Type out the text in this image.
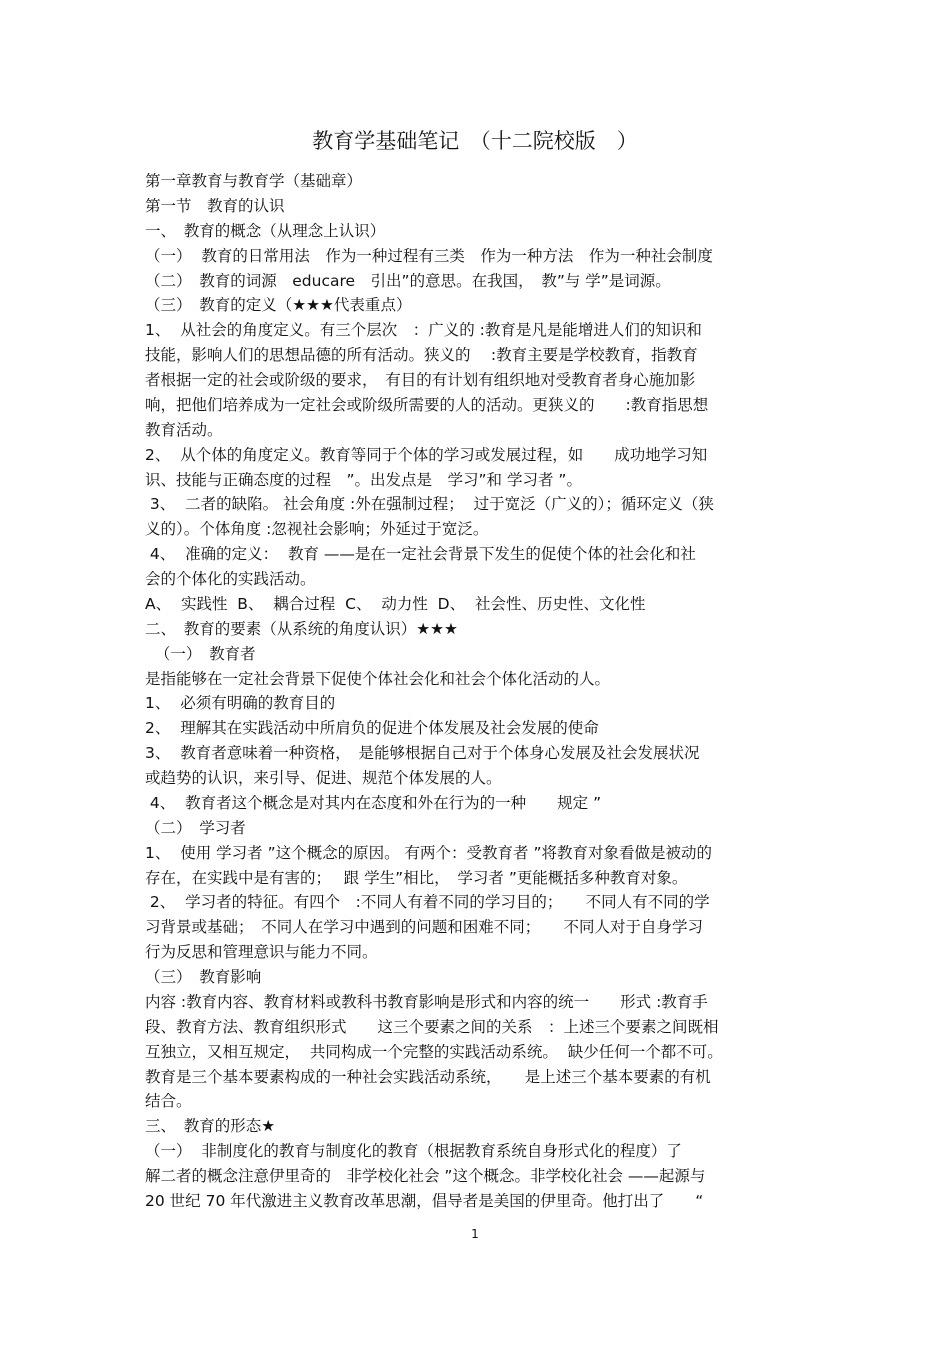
教育学基础笔记　（十二院校版　）
第一章教育与教育学（基础章）
第一节　教育的认识
一、　教育的概念（从理念上认识）
（一）  教育的日常用法　作为一种过程有三类　作为一种方法　作为一种社会制度
（二）　教育的词源　educare　引出”的意思。在我国，　教”与 学”是词源。
（三）　教育的定义（★★★代表重点）
1、  从社会的角度定义。有三个层次　：广义的 :教育是凡是能增进人们的知识和
技能，影响人们的思想品德的所有活动。狭义的　 :教育主要是学校教育，指教育
者根据一定的社会或阶级的要求，　有目的有计划有组织地对受教育者身心施加影
响，把他们培养成为一定社会或阶级所需要的人的活动。更狭义的　　:教育指思想
教育活动。
2、  从个体的角度定义。教育等同于个体的学习或发展过程，如　　成功地学习知
识、技能与正确态度的过程　”。出发点是　学习”和 学习者 ”。
3、  二者的缺陷。 社会角度 :外在强制过程；  过于宽泛（广义的）；循环定义（狭
义的）。个体角度 :忽视社会影响；外延过于宽泛。
4、  准确的定义：  教育 ——是在一定社会背景下发生的促使个体的社会化和社
会的个体化的实践活动。
A、  实践性  B、  耦合过程  C、  动力性  D、  社会性、历史性、文化性
二、　教育的要素（从系统的角度认识）★★★
（一）　教育者
是指能够在一定社会背景下促使个体社会化和社会个体化活动的人。
1、  必须有明确的教育目的
2、  理解其在实践活动中所肩负的促进个体发展及社会发展的使命
3、  教育者意味着一种资格，　是能够根据自己对于个体身心发展及社会发展状况
或趋势的认识，来引导、促进、规范个体发展的人。
4、  教育者这个概念是对其内在态度和外在行为的一种　　规定 ”
（二）　学习者
1、  使用 学习者 ”这个概念的原因。 有两个：受教育者 ”将教育对象看做是被动的
存在，在实践中是有害的；　 跟 学生”相比，　学习者 ”更能概括多种教育对象。
2、  学习者的特征。有四个　:不同人有着不同的学习目的；　　不同人有不同的学
习背景或基础；　不同人在学习中遇到的问题和困难不同；　　不同人对于自身学习
行为反思和管理意识与能力不同。
（三）　教育影响
内容 :教育内容、教育材料或教科书教育影响是形式和内容的统一　　形式 :教育手
段、教育方法、教育组织形式　　这三个要素之间的关系　：上述三个要素之间既相
互独立，又相互规定，  共同构成一个完整的实践活动系统。  缺少任何一个都不可。
教育是三个基本要素构成的一种社会实践活动系统，　　是上述三个基本要素的有机
结合。
三、　教育的形态★
（一）  非制度化的教育与制度化的教育（根据教育系统自身形式化的程度）了
解二者的概念注意伊里奇的　非学校化社会 ”这个概念。非学校化社会 ——起源与
20 世纪 70 年代激进主义教育改革思潮，倡导者是美国的伊里奇。他打出了　　“
1
